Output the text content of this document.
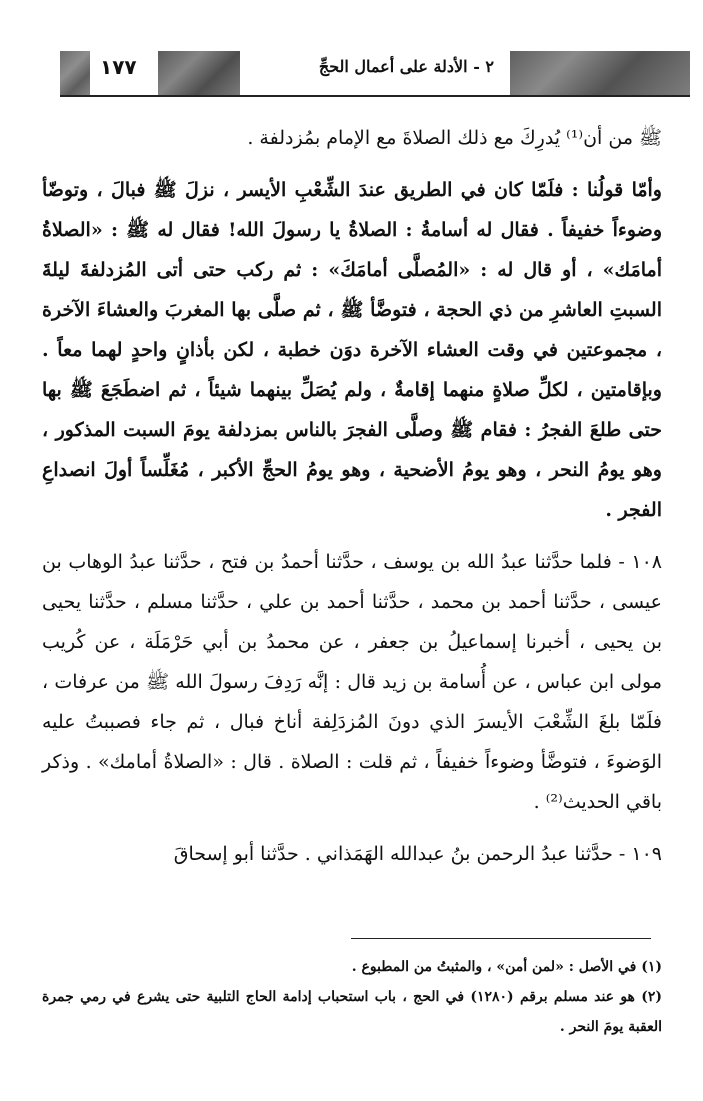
١٧٧	٢ - الأدلة على أعمال الحجِّ

ﷺ من أن⁽¹⁾ يُدرِكَ مع ذلك الصلاةَ مع الإمام بمُزدلفة .

وأمّا قولُنا : فلَمّا كان في الطريق عندَ الشِّعْبِ الأيسر ، نزلَ ﷺ فبالَ ، وتوضّأ وضوءاً خفيفاً . فقال له أسامةُ : الصلاةُ يا رسولَ الله! فقال له ﷺ : «الصلاةُ أمامَك» ، أو قال له : «المُصلَّى أمامَكَ» : ثم ركب حتى أتى المُزدلفةَ ليلةَ السبتِ العاشرِ من ذي الحجة ، فتوضَّأ ﷺ ، ثم صلَّى بها المغربَ والعشاءَ الآخرة ، مجموعتين في وقت العشاء الآخرة دوَن خطبة ، لكن بأذانٍ واحدٍ لهما معاً . وبإقامتين ، لكلِّ صلاةٍ منهما إقامةٌ ، ولم يُصَلِّ بينهما شيئاً ، ثم اضطَجَعَ ﷺ بها حتى طلعَ الفجرُ : فقام ﷺ وصلَّى الفجرَ بالناس بمزدلفة يومَ السبت المذكور ، وهو يومُ النحر ، وهو يومُ الأضحية ، وهو يومُ الحجِّ الأكبر ، مُغَلِّساً أولَ انصداعِ الفجر .

١٠٨ - فلما حدَّثنا عبدُ الله بن يوسف ، حدَّثنا أحمدُ بن فتح ، حدَّثنا عبدُ الوهاب بن عيسى ، حدَّثنا أحمد بن محمد ، حدَّثنا أحمد بن علي ، حدَّثنا مسلم ، حدَّثنا يحيى بن يحيى ، أخبرنا إسماعيلُ بن جعفر ، عن محمدُ بن أبي حَرْمَلَة ، عن كُريب مولى ابن عباس ، عن أُسامة بن زيد قال : إنَّه رَدِفَ رسولَ الله ﷺ من عرفات ، فلَمّا بلغَ الشِّعْبَ الأيسرَ الذي دونَ المُزدَلِفة أناخ فبال ، ثم جاء فصببتُ عليه الوَضوءَ ، فتوضَّأ وضوءاً خفيفاً ، ثم قلت : الصلاة . قال : «الصلاةُ أمامك» . وذكر باقي الحديث⁽²⁾ .

١٠٩ - حدَّثنا عبدُ الرحمن بنُ عبدالله الهَمَذاني . حدَّثنا أبو إسحاقَ

(١) في الأصل : «لمن أمن» ، والمثبتُ من المطبوع .

(٢) هو عند مسلم برقم (١٢٨٠) في الحج ، باب استحباب إدامة الحاج التلبية حتى يشرع في رمي جمرة العقبة يومَ النحر .
